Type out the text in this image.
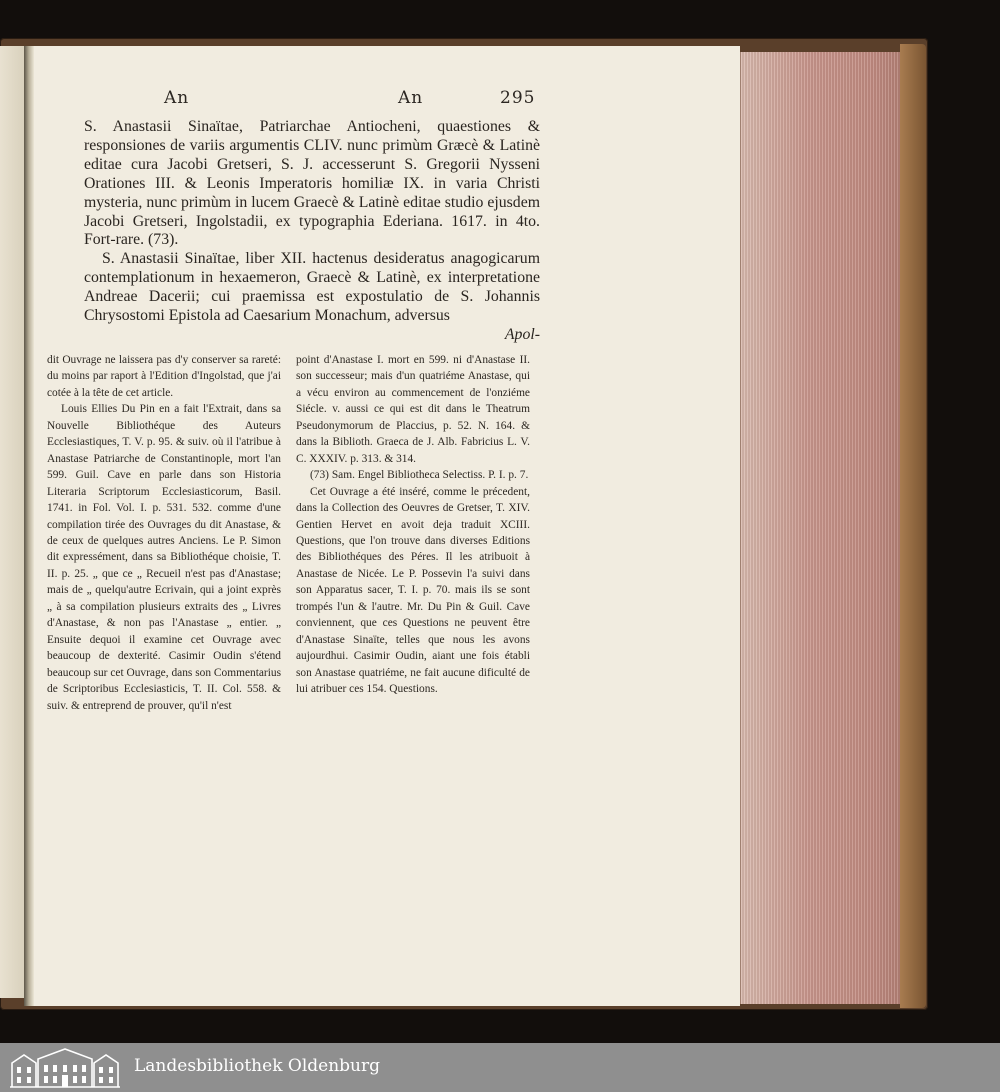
An	An	295

S. Anastasii Sinaïtae, Patriarchae Antiocheni, quaestiones & responsiones de variis argumentis CLIV. nunc primùm Græcè & Latinè editae cura Jacobi Gretseri, S. J. accesserunt S. Gregorii Nysseni Orationes III. & Leonis Imperatoris homiliæ IX. in varia Christi mysteria, nunc primùm in lucem Graecè & Latinè editae studio ejusdem Jacobi Gretseri, Ingolstadii, ex typographia Ederiana. 1617. in 4to. Fort-rare. (73).

S. Anastasii Sinaïtae, liber XII. hactenus desideratus anagogicarum contemplationum in hexaemeron, Graecè & Latinè, ex interpretatione Andreae Dacerii; cui praemissa est expostulatio de S. Johannis Chrysostomi Epistola ad Caesarium Monachum, adversus

Apol-

dit Ouvrage ne laissera pas d'y conserver sa rareté: du moins par raport à l'Edition d'Ingolstad, que j'ai cotée à la tête de cet article.

Louis Ellies Du Pin en a fait l'Extrait, dans sa Nouvelle Bibliothéque des Auteurs Ecclesiastiques, T. V. p. 95. & suiv. où il l'atribue à Anastase Patriarche de Constantinople, mort l'an 599. Guil. Cave en parle dans son Historia Literaria Scriptorum Ecclesiasticorum, Basil. 1741. in Fol. Vol. I. p. 531. 532. comme d'une compilation tirée des Ouvrages du dit Anastase, & de ceux de quelques autres Anciens. Le P. Simon dit expressément, dans sa Bibliothéque choisie, T. II. p. 25. „ que ce „ Recueil n'est pas d'Anastase; mais de „ quelqu'autre Ecrivain, qui a joint exprès „ à sa compilation plusieurs extraits des „ Livres d'Anastase, & non pas l'Anastase „ entier. „ Ensuite dequoi il examine cet Ouvrage avec beaucoup de dexterité. Casimir Oudin s'étend beaucoup sur cet Ouvrage, dans son Commentarius de Scriptoribus Ecclesiasticis, T. II. Col. 558. & suiv. & entreprend de prouver, qu'il n'est

point d'Anastase I. mort en 599. ni d'Anastase II. son successeur; mais d'un quatriéme Anastase, qui a vécu environ au commencement de l'onziéme Siécle. v. aussi ce qui est dit dans le Theatrum Pseudonymorum de Placcius, p. 52. N. 164. & dans la Biblioth. Graeca de J. Alb. Fabricius L. V. C. XXXIV. p. 313. & 314.

(73) Sam. Engel Bibliotheca Selectiss. P. I. p. 7.

Cet Ouvrage a été inséré, comme le précedent, dans la Collection des Oeuvres de Gretser, T. XIV. Gentien Hervet en avoit deja traduit XCIII. Questions, que l'on trouve dans diverses Editions des Bibliothéques des Péres. Il les atribuoit à Anastase de Nicée. Le P. Possevin l'a suivi dans son Apparatus sacer, T. I. p. 70. mais ils se sont trompés l'un & l'autre. Mr. Du Pin & Guil. Cave conviennent, que ces Questions ne peuvent être d'Anastase Sinaïte, telles que nous les avons aujourdhui. Casimir Oudin, aiant une fois établi son Anastase quatriéme, ne fait aucune dificulté de lui atribuer ces 154. Questions.

Landesbibliothek Oldenburg
